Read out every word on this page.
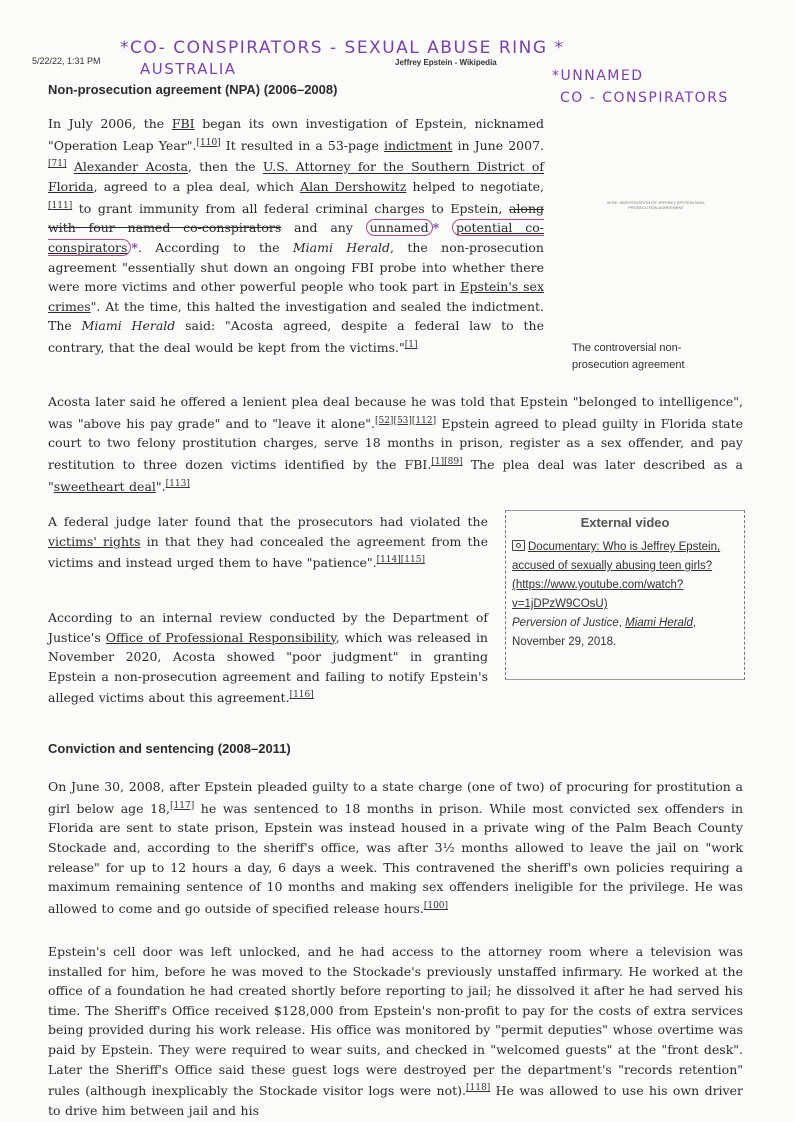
5/22/22, 1:31 PM	Jeffrey Epstein - Wikipedia
*CO- CONSPIRATORS - SEXUAL ABUSE RING *
AUSTRALIA	*UNNAMED
CO - CONSPIRATORS
Non-prosecution agreement (NPA) (2006–2008)

In July 2006, the FBI began its own investigation of Epstein, nicknamed "Operation Leap Year".[110] It resulted in a 53-page indictment in June 2007.[71] Alexander Acosta, then the U.S. Attorney for the Southern District of Florida, agreed to a plea deal, which Alan Dershowitz helped to negotiate,[111] to grant immunity from all federal criminal charges to Epstein, along with four named co-conspirators and any unnamed * potential co-conspirators *. According to the Miami Herald, the non-prosecution agreement "essentially shut down an ongoing FBI probe into whether there were more victims and other powerful people who took part in Epstein's sex crimes". At the time, this halted the investigation and sealed the indictment. The Miami Herald said: "Acosta agreed, despite a federal law to the contrary, that the deal would be kept from the victims."[1]

IN RE: INVESTIGATION OF JEFFREY EPSTEIN NON-PROSECUTION AGREEMENT
The controversial non-prosecution agreement

Acosta later said he offered a lenient plea deal because he was told that Epstein "belonged to intelligence", was "above his pay grade" and to "leave it alone".[52][53][112] Epstein agreed to plead guilty in Florida state court to two felony prostitution charges, serve 18 months in prison, register as a sex offender, and pay restitution to three dozen victims identified by the FBI.[1][89] The plea deal was later described as a "sweetheart deal".[113]

A federal judge later found that the prosecutors had violated the victims' rights in that they had concealed the agreement from the victims and instead urged them to have "patience".[114][115]

According to an internal review conducted by the Department of Justice's Office of Professional Responsibility, which was released in November 2020, Acosta showed "poor judgment" in granting Epstein a non-prosecution agreement and failing to notify Epstein's alleged victims about this agreement.[116]

External video
Documentary: Who is Jeffrey Epstein, accused of sexually abusing teen girls? (https://www.youtube.com/watch?v=1jDPzW9COsU)
Perversion of Justice, Miami Herald, November 29, 2018.
Conviction and sentencing (2008–2011)

On June 30, 2008, after Epstein pleaded guilty to a state charge (one of two) of procuring for prostitution a girl below age 18,[117] he was sentenced to 18 months in prison. While most convicted sex offenders in Florida are sent to state prison, Epstein was instead housed in a private wing of the Palm Beach County Stockade and, according to the sheriff's office, was after 3½ months allowed to leave the jail on "work release" for up to 12 hours a day, 6 days a week. This contravened the sheriff's own policies requiring a maximum remaining sentence of 10 months and making sex offenders ineligible for the privilege. He was allowed to come and go outside of specified release hours.[100]

Epstein's cell door was left unlocked, and he had access to the attorney room where a television was installed for him, before he was moved to the Stockade's previously unstaffed infirmary. He worked at the office of a foundation he had created shortly before reporting to jail; he dissolved it after he had served his time. The Sheriff's Office received $128,000 from Epstein's non-profit to pay for the costs of extra services being provided during his work release. His office was monitored by "permit deputies" whose overtime was paid by Epstein. They were required to wear suits, and checked in "welcomed guests" at the "front desk". Later the Sheriff's Office said these guest logs were destroyed per the department's "records retention" rules (although inexplicably the Stockade visitor logs were not).[118] He was allowed to use his own driver to drive him between jail and his
